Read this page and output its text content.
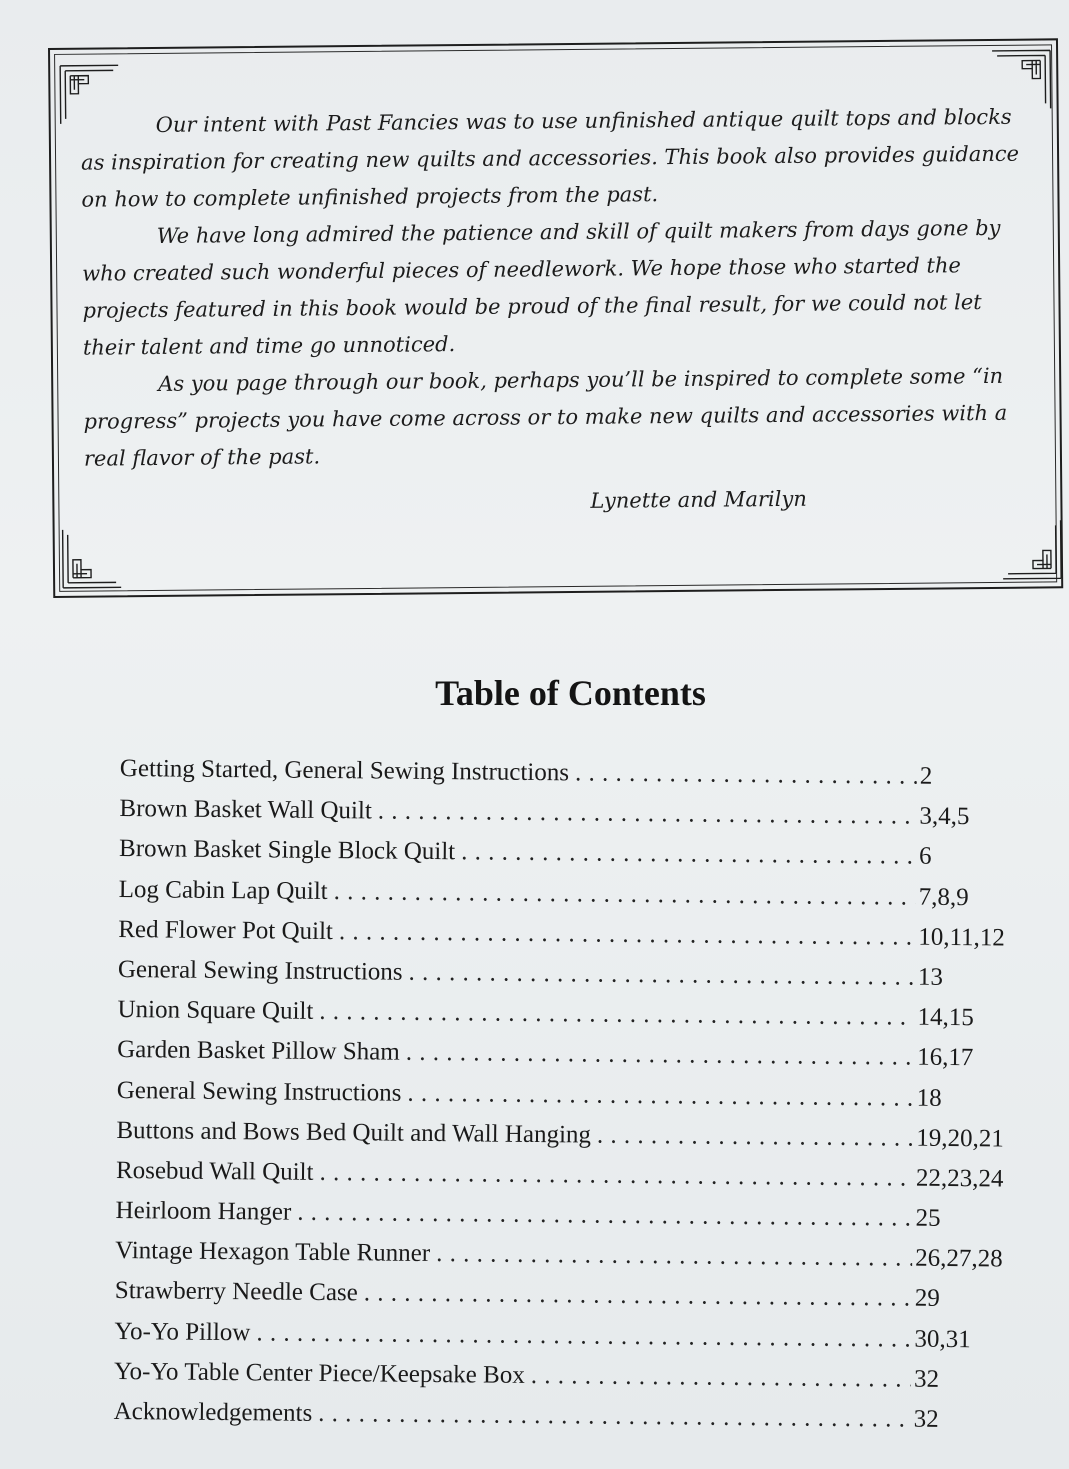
Our intent with Past Fancies was to use unfinished antique quilt tops and blocks as inspiration for creating new quilts and accessories. This book also provides guidance on how to complete unfinished projects from the past.

We have long admired the patience and skill of quilt makers from days gone by who created such wonderful pieces of needlework. We hope those who started the projects featured in this book would be proud of the final result, for we could not let their talent and time go unnoticed.

As you page through our book, perhaps you’ll be inspired to complete some “in progress” projects you have come across or to make new quilts and accessories with a real flavor of the past.

Lynette and Marilyn
Table of Contents
Getting Started, General Sewing Instructions . . .	2
Brown Basket Wall Quilt . . .	3,4,5
Brown Basket Single Block Quilt . . .	6
Log Cabin Lap Quilt . . .	7,8,9
Red Flower Pot Quilt . . .	10,11,12
General Sewing Instructions . . .	13
Union Square Quilt . . .	14,15
Garden Basket Pillow Sham . . .	16,17
General Sewing Instructions . . .	18
Buttons and Bows Bed Quilt and Wall Hanging . . .	19,20,21
Rosebud Wall Quilt . . .	22,23,24
Heirloom Hanger . . .	25
Vintage Hexagon Table Runner . . .	26,27,28
Strawberry Needle Case . . .	29
Yo-Yo Pillow . . .	30,31
Yo-Yo Table Center Piece/Keepsake Box . . .	32
Acknowledgements . . .	32
